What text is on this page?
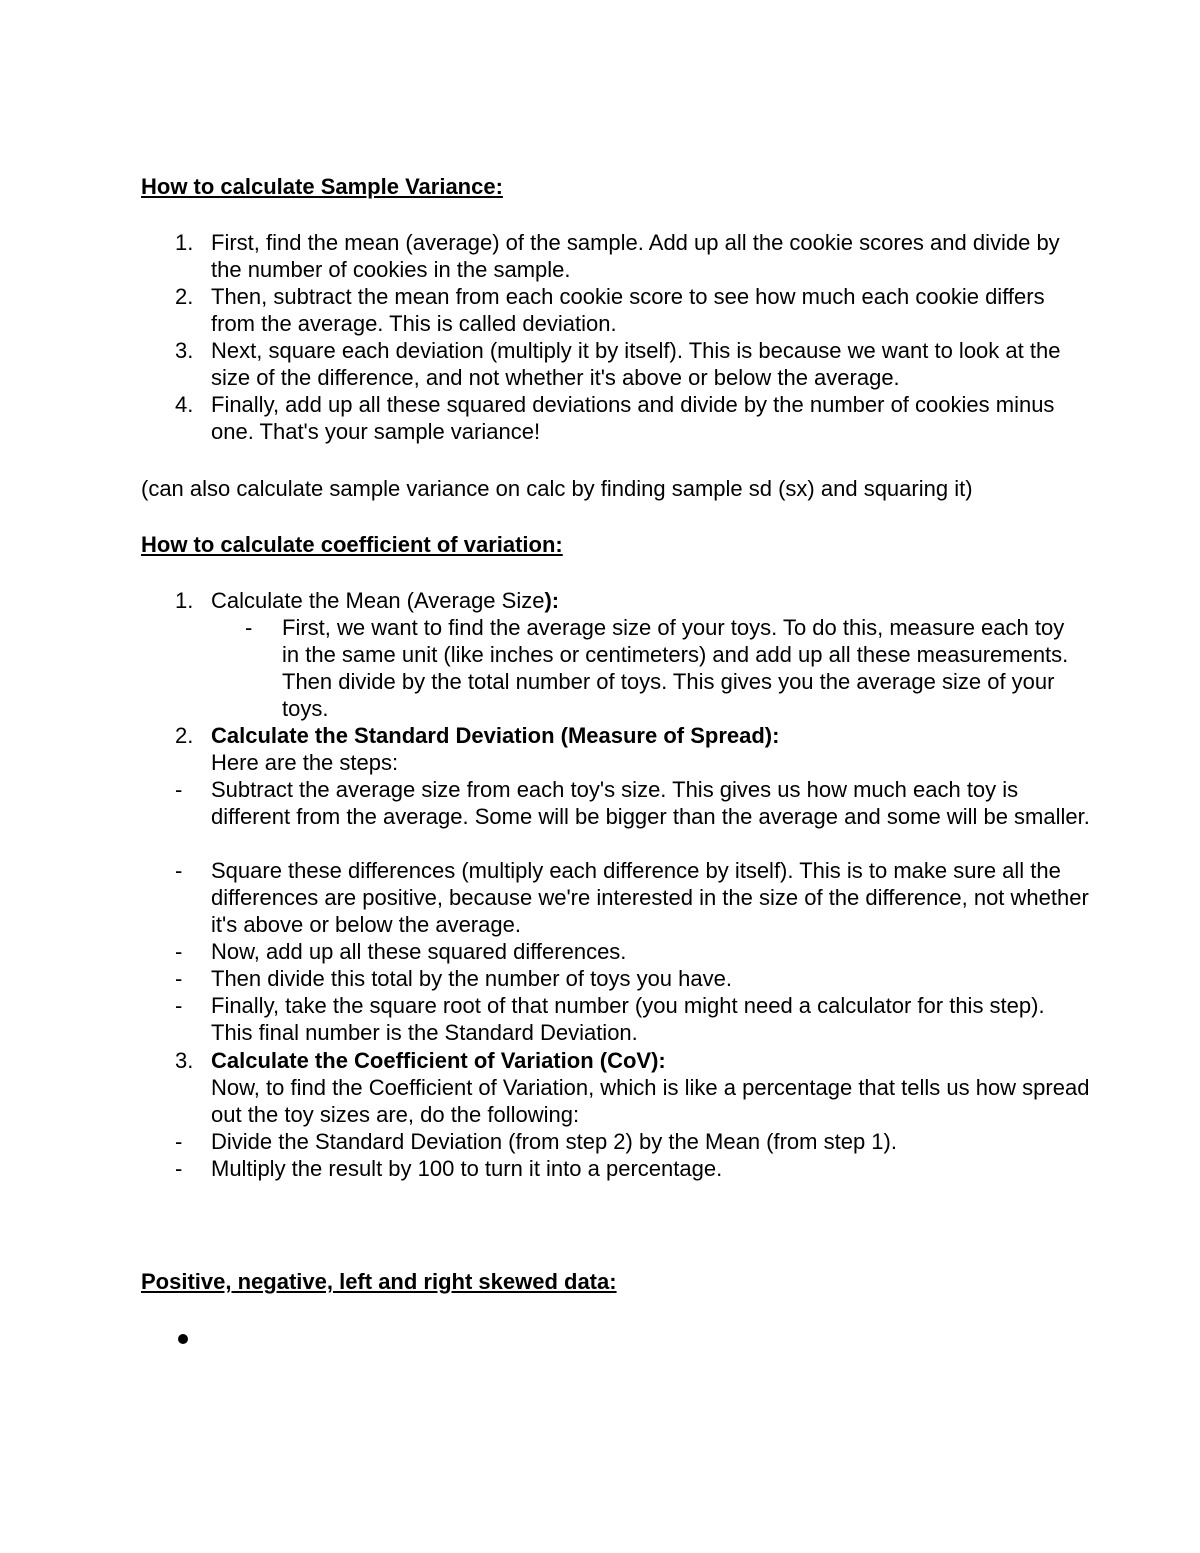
How to calculate Sample Variance:
1. First, find the mean (average) of the sample. Add up all the cookie scores and divide by the number of cookies in the sample.
2. Then, subtract the mean from each cookie score to see how much each cookie differs from the average. This is called deviation.
3. Next, square each deviation (multiply it by itself). This is because we want to look at the size of the difference, and not whether it's above or below the average.
4. Finally, add up all these squared deviations and divide by the number of cookies minus one. That's your sample variance!
(can also calculate sample variance on calc by finding sample sd (sx) and squaring it)
How to calculate coefficient of variation:
1. Calculate the Mean (Average Size):
- First, we want to find the average size of your toys. To do this, measure each toy in the same unit (like inches or centimeters) and add up all these measurements. Then divide by the total number of toys. This gives you the average size of your toys.
2. Calculate the Standard Deviation (Measure of Spread):
Here are the steps:
- Subtract the average size from each toy's size. This gives us how much each toy is different from the average. Some will be bigger than the average and some will be smaller.
- Square these differences (multiply each difference by itself). This is to make sure all the differences are positive, because we're interested in the size of the difference, not whether it's above or below the average.
- Now, add up all these squared differences.
- Then divide this total by the number of toys you have.
- Finally, take the square root of that number (you might need a calculator for this step). This final number is the Standard Deviation.
3. Calculate the Coefficient of Variation (CoV):
Now, to find the Coefficient of Variation, which is like a percentage that tells us how spread out the toy sizes are, do the following:
- Divide the Standard Deviation (from step 2) by the Mean (from step 1).
- Multiply the result by 100 to turn it into a percentage.
Positive, negative, left and right skewed data:
